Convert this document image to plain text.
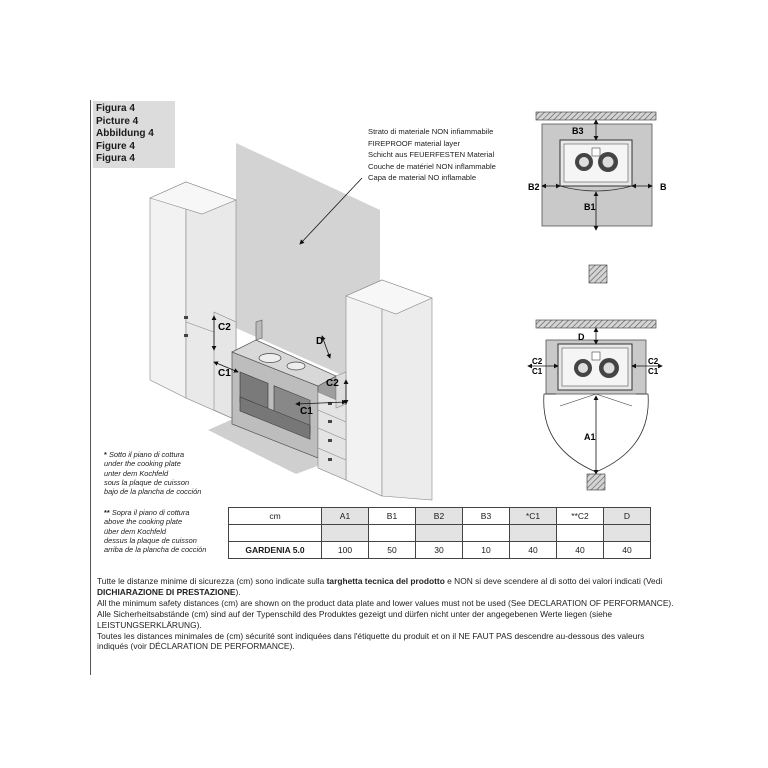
Figura 4
Picture 4
Abbildung 4
Figure 4
Figura 4
C2
C1
D
C2
C1
B3
B1
B2	B
D
A1
C2
C1
C2
C1
Strato di materiale NON infiammabile
FIREPROOF material layer
Schicht aus FEUERFESTEN Material
Couche de matériel NON inflammable
Capa de material NO inflamable
* Sotto il piano di cottura
under the cooking plate
unter dem Kochfeld
sous la plaque de cuisson
bajo de la plancha de cocción
** Sopra il piano di cottura
above the cooking plate
über dem Kochfeld
dessus la plaque de cuisson
arriba de la plancha de cocción
cm	A1	B1	B2	B3	*C1	**C2	D

GARDENIA 5.0	100	50	30	10	40	40	40

Tutte le distanze minime di sicurezza (cm) sono indicate sulla targhetta tecnica del prodotto e NON si deve scendere al di sotto dei valori indicati (Vedi DICHIARAZIONE DI PRESTAZIONE).

All the minimum safety distances (cm) are shown on the product data plate and lower values must not be used (See DECLARATION OF PERFORMANCE).

Alle Sicherheitsabstände (cm) sind auf der Typenschild des Produktes gezeigt und dürfen nicht unter der angegebenen Werte liegen (siehe LEISTUNGSERKLÄRUNG).

Toutes les distances minimales de (cm) sécurité sont indiquées dans l'étiquette du produit et on il NE FAUT PAS descendre au-dessous des valeurs indiqués (voir DÉCLARATION DE PERFORMANCE).
